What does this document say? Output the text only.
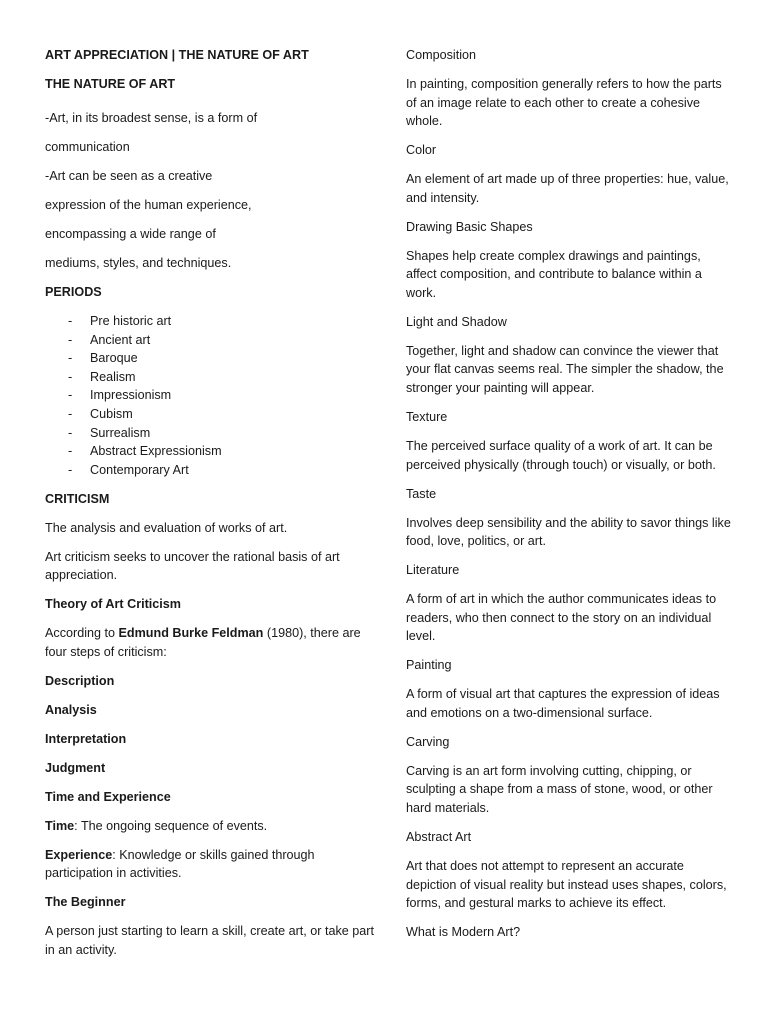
ART APPRECIATION | THE NATURE OF ART

THE NATURE OF ART

-Art, in its broadest sense, is a form of

communication

-Art can be seen as a creative

expression of the human experience,

encompassing a wide range of

mediums, styles, and techniques.

PERIODS

- Pre historic art
- Ancient art
- Baroque
- Realism
- Impressionism
- Cubism
- Surrealism
- Abstract Expressionism
- Contemporary Art

CRITICISM

The analysis and evaluation of works of art.

Art criticism seeks to uncover the rational basis of art appreciation.

Theory of Art Criticism

According to Edmund Burke Feldman (1980), there are four steps of criticism:

Description

Analysis

Interpretation

Judgment

Time and Experience

Time: The ongoing sequence of events.

Experience: Knowledge or skills gained through participation in activities.

The Beginner

A person just starting to learn a skill, create art, or take part in an activity.

Composition

In painting, composition generally refers to how the parts of an image relate to each other to create a cohesive whole.

Color

An element of art made up of three properties: hue, value, and intensity.

Drawing Basic Shapes

Shapes help create complex drawings and paintings, affect composition, and contribute to balance within a work.

Light and Shadow

Together, light and shadow can convince the viewer that your flat canvas seems real. The simpler the shadow, the stronger your painting will appear.

Texture

The perceived surface quality of a work of art. It can be perceived physically (through touch) or visually, or both.

Taste

Involves deep sensibility and the ability to savor things like food, love, politics, or art.

Literature

A form of art in which the author communicates ideas to readers, who then connect to the story on an individual level.

Painting

A form of visual art that captures the expression of ideas and emotions on a two-dimensional surface.

Carving

Carving is an art form involving cutting, chipping, or sculpting a shape from a mass of stone, wood, or other hard materials.

Abstract Art

Art that does not attempt to represent an accurate depiction of visual reality but instead uses shapes, colors, forms, and gestural marks to achieve its effect.

What is Modern Art?
